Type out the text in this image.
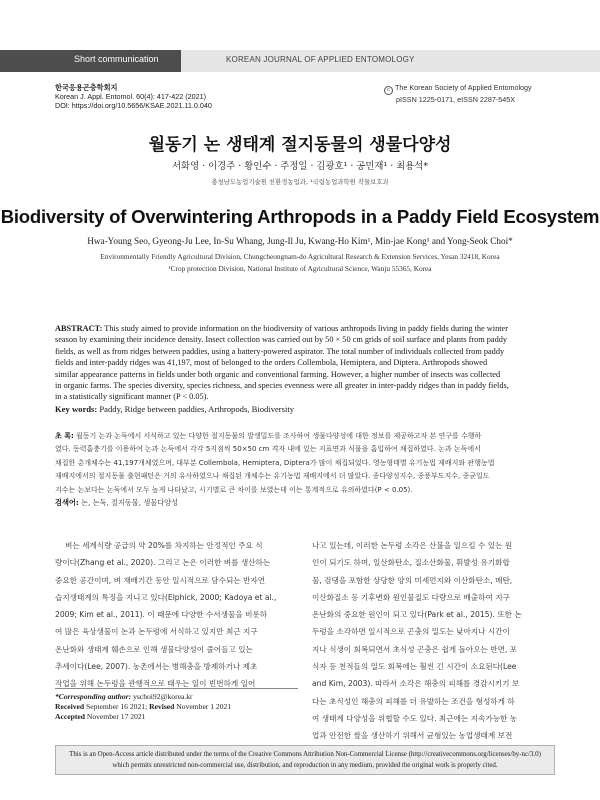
Short communication	KOREAN JOURNAL OF APPLIED ENTOMOLOGY
한국응용곤충학회지
Korean J. Appl. Entomol. 60(4): 417-422 (2021)
DOI: https://doi.org/10.5656/KSAE.2021.11.0.040
c The Korean Society of Applied Entomology
pISSN 1225-0171, eISSN 2287-545X
월동기 논 생태계 절지동물의 생물다양성
서화영 · 이경주 · 황인수 · 주정일 · 김광호¹ · 공민재¹ · 최용석*
충청남도농업기술원 친환경농업과, ¹국립농업과학원 작물보호과
Biodiversity of Overwintering Arthropods in a Paddy Field Ecosystem
Hwa-Young Seo, Gyeong-Ju Lee, In-Su Whang, Jung-Il Ju, Kwang-Ho Kim¹, Min-jae Kong¹ and Yong-Seok Choi*
Environmentally Friendly Agricultural Division, Chungcheongnam-do Agricultural Research & Extension Services, Yesan 32418, Korea
¹Crop protection Division, National Institute of Agricultural Science, Wanju 55365, Korea
ABSTRACT: This study aimed to provide information on the biodiversity of various arthropods living in paddy fields during the winter
season by examining their incidence density. Insect collection was carried out by 50 × 50 cm grids of soil surface and plants from paddy
fields, as well as from ridges between paddies, using a battery-powered aspirator. The total number of individuals collected from paddy
fields and inter-paddy ridges was 41,197, most of belonged to the orders Collembola, Hemiptera, and Diptera. Arthropods showed
similar appearance patterns in fields under both organic and conventional farming. However, a higher number of insects was collected
in organic farms. The species diversity, species richness, and species evenness were all greater in inter-paddy ridges than in paddy fields,
in a statistically significant manner (P < 0.05).
Key words: Paddy, Ridge between paddies, Arthropods, Biodiversity
초 록: 월동기 논과 논둑에서 서식하고 있는 다양한 절지동물의 발생밀도를 조사하여 생물다양성에 대한 정보를 제공하고자 본 연구를 수행하
였다. 동력흡충기를 이용하여 논과 논둑에서 각각 5지점씩 50×50 cm 격자 내에 있는 지표면과 식물을 흡입하여 채집하였다. 논과 논둑에서
채집한 총개체수는 41,197개체였으며, 대부분 Collembola, Hemiptera, Diptera가 많이 채집되었다. 영농형태별 유기농법 재배지와 관행농법
재배지에서의 절지동물 출현패턴은 거의 유사하였으나 채집된 개체수는 유기농법 재배지에서 더 많았다. 종다양성지수, 종풍부도지수, 종균일도
지수는 논보다는 논둑에서 모두 높게 나타났고, 시기별로 큰 차이를 보였는데 이는 통계적으로 유의하였다(P < 0.05).
검색어: 논, 논둑, 절지동물, 생물다양성
벼는 세계식량 공급의 약 20%를 차지하는 안정적인 주요 식
량이다(Zhang et al., 2020). 그리고 논은 이러한 벼를 생산하는
중요한 공간이며, 벼 재배기간 동안 일시적으로 담수되는 반자연
습지생태계의 특징을 지니고 있다(Elphick, 2000; Kadoya et al.,
2009; Kim et al., 2011). 이 때문에 다양한 수서생물을 비롯하
여 많은 육상생물이 논과 논두렁에 서식하고 있지만 최근 지구
온난화와 생태계 훼손으로 인해 생물다양성이 줄어들고 있는
추세이다(Lee, 2007). 농촌에서는 병해충을 방제하거나 제초
작업을 위해 논두렁을 관행적으로 태우는 일이 빈번하게 일어
나고 있는데, 이러한 논두렁 소각은 산불을 일으킬 수 있는 원
인이 되기도 하며, 일산화탄소, 질소산화물, 휘발성 유기화합
물, 검댕을 포함한 상당한 양의 미세먼지와 이산화탄소, 메탄,
이산화질소 등 기후변화 원인물질도 다량으로 배출하여 지구
온난화의 중요한 원인이 되고 있다(Park et al., 2015). 또한 논
두렁을 소각하면 일시적으로 곤충의 밀도는 낮아지나 시간이
지나 식생이 회복되면서 초식성 곤충은 쉽게 돌아오는 반면, 포
식자 등 천적들의 밀도 회복에는 훨씬 긴 시간이 소요된다(Lee
and Kim, 2003). 따라서 소각은 해충의 피해를 경감시키기 보
다는 초식성인 해충의 피해를 더 유발하는 조건을 형성하게 하
여 생태계 다양성을 위협할 수도 있다. 최근에는 지속가능한 농
업과 안전한 쌀을 생산하기 위해서 균형있는 농업생태계 보전
*Corresponding author: yschoi92@korea.kr
Received September 16 2021; Revised November 1 2021
Accepted November 17 2021
This is an Open-Access article distributed under the terms of the Creative Commons Attribution Non-Commercial License (http://creativecommons.org/licenses/by-nc/3.0)
which permits unrestricted non-commercial use, distribution, and reproduction in any medium, provided the original work is properly cited.
